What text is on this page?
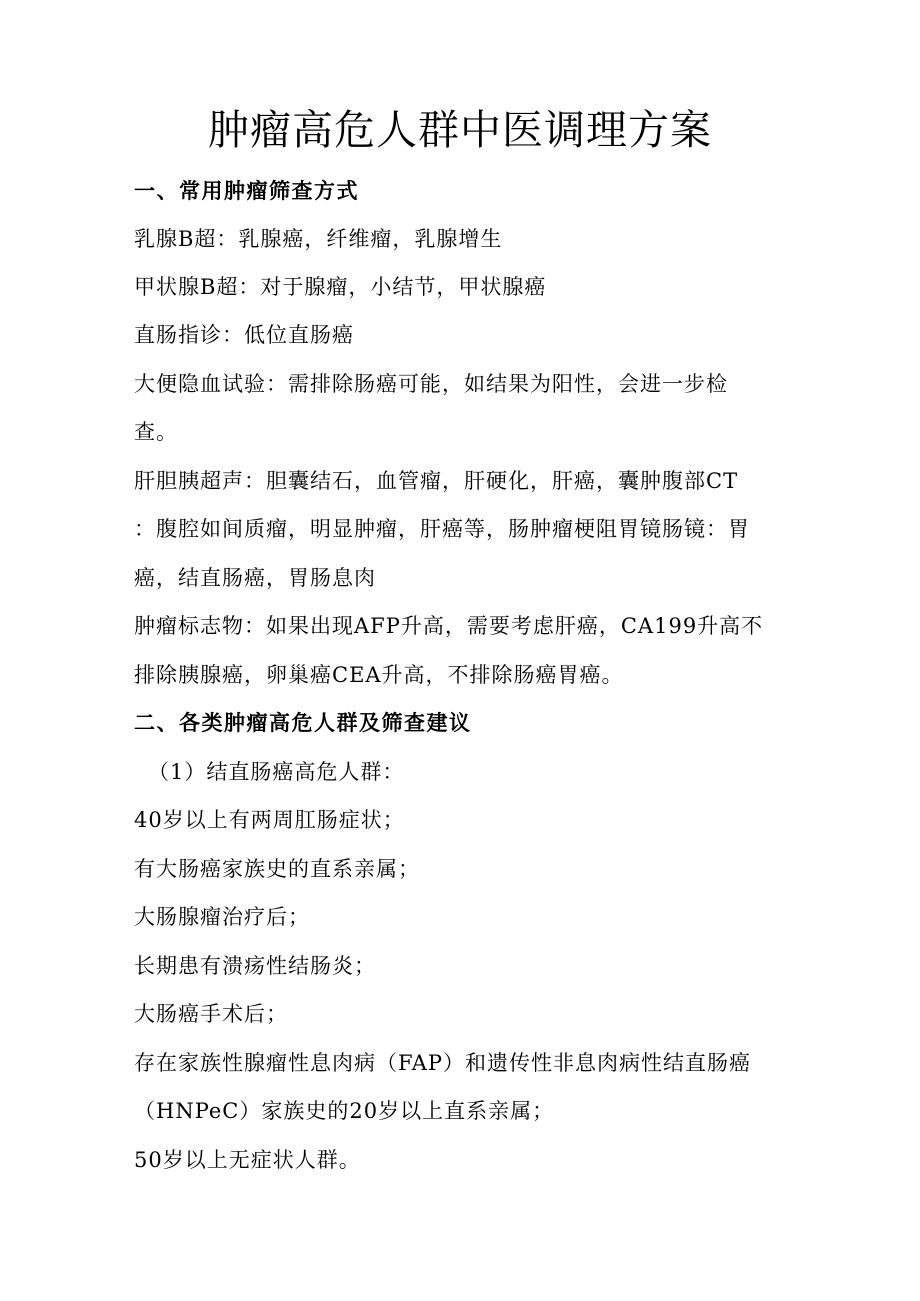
肿瘤高危人群中医调理方案
一、常用肿瘤筛查方式
乳腺B超：乳腺癌，纤维瘤，乳腺增生
甲状腺B超：对于腺瘤，小结节，甲状腺癌
直肠指诊：低位直肠癌
大便隐血试验：需排除肠癌可能，如结果为阳性，会进一步检
查。
肝胆胰超声：胆囊结石，血管瘤，肝硬化，肝癌，囊肿腹部CT
：腹腔如间质瘤，明显肿瘤，肝癌等，肠肿瘤梗阻胃镜肠镜：胃
癌，结直肠癌，胃肠息肉
肿瘤标志物：如果出现AFP升高，需要考虑肝癌，CA199升高不
排除胰腺癌，卵巢癌CEA升高，不排除肠癌胃癌。
二、各类肿瘤高危人群及筛查建议
（1）结直肠癌高危人群：
40岁以上有两周肛肠症状；
有大肠癌家族史的直系亲属；
大肠腺瘤治疗后；
长期患有溃疡性结肠炎；
大肠癌手术后；
存在家族性腺瘤性息肉病（FAP）和遗传性非息肉病性结直肠癌
（HNPeC）家族史的20岁以上直系亲属；
50岁以上无症状人群。
